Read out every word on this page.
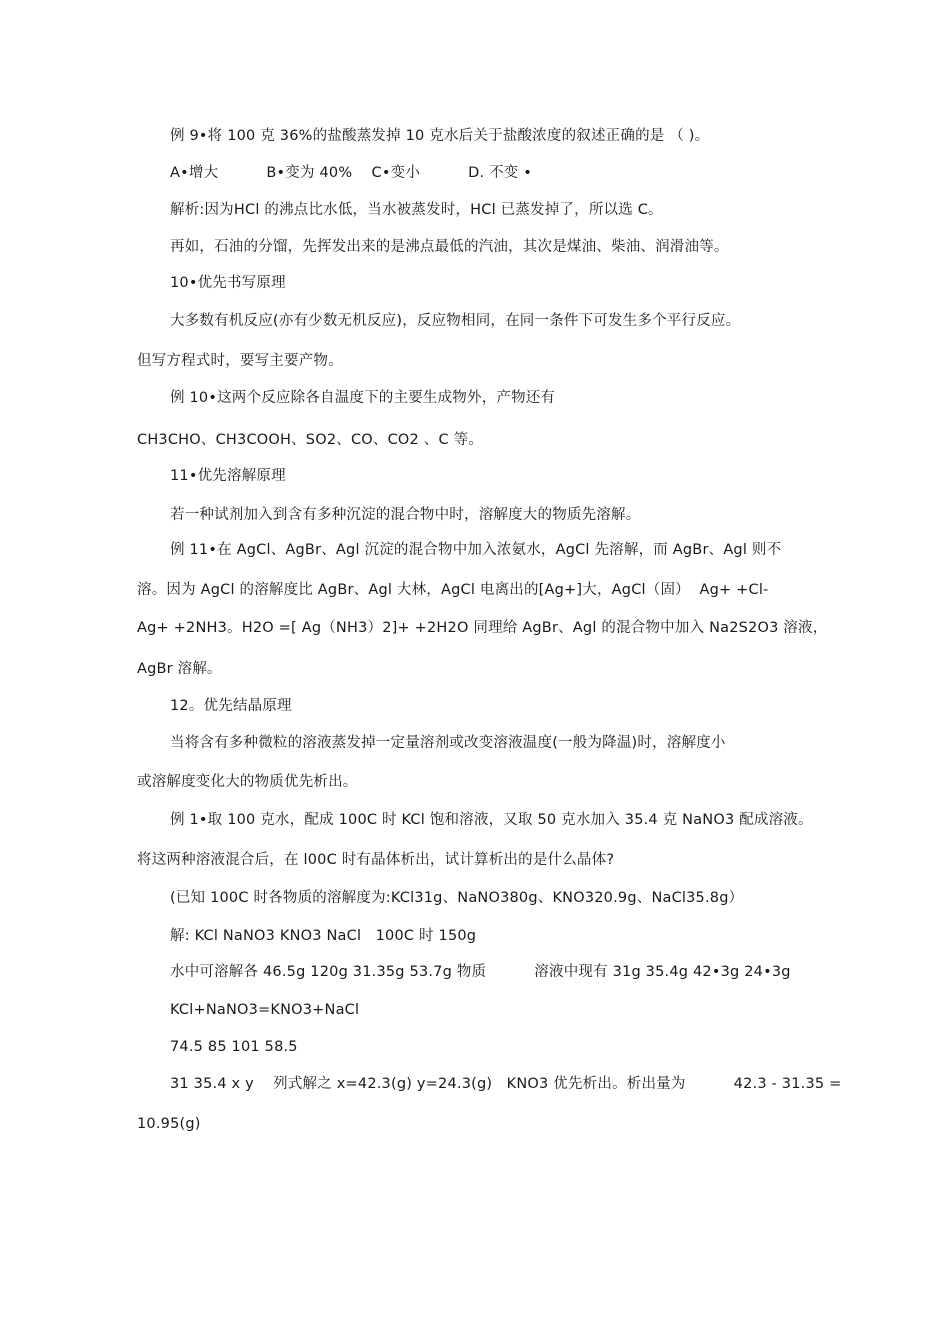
例 9•将 100 克 36%的盐酸蒸发掉 10 克水后关于盐酸浓度的叙述正确的是 （ )。
A•增大          B•变为 40%    C•变小          D. 不变 •
解析:因为HCl 的沸点比水低，当水被蒸发时，HCl 已蒸发掉了，所以选 C。
再如，石油的分馏，先挥发出来的是沸点最低的汽油，其次是煤油、柴油、润滑油等。
10•优先书写原理
大多数有机反应(亦有少数无机反应)，反应物相同，在同一条件下可发生多个平行反应。
但写方程式时，要写主要产物。
例 10•这两个反应除各自温度下的主要生成物外，产物还有
CH3CHO、CH3COOH、SO2、CO、CO2 、C 等。
11•优先溶解原理
若一种试剂加入到含有多种沉淀的混合物中时，溶解度大的物质先溶解。
例 11•在 AgCl、AgBr、Agl 沉淀的混合物中加入浓氨水，AgCl 先溶解，而 AgBr、Agl 则不
溶。因为 AgCl 的溶解度比 AgBr、Agl 大林，AgCl 电离出的[Ag+]大，AgCl（固）  Ag+ +Cl-
Ag+ +2NH3。H2O =[ Ag（NH3）2]+ +2H2O 同理给 AgBr、Agl 的混合物中加入 Na2S2O3 溶液，
AgBr 溶解。
12。优先结晶原理
当将含有多种微粒的溶液蒸发掉一定量溶剂或改变溶液温度(一般为降温)时，溶解度小
或溶解度变化大的物质优先析出。
例 1•取 100 克水，配成 100C 时 KCl 饱和溶液，又取 50 克水加入 35.4 克 NaNO3 配成溶液。
将这两种溶液混合后，在 l00C 时有晶体析出，试计算析出的是什么晶体?
(已知 100C 时各物质的溶解度为:KCl31g、NaNO380g、KNO320.9g、NaCl35.8g）
解: KCl NaNO3 KNO3 NaCl   100C 时 150g
水中可溶解各 46.5g 120g 31.35g 53.7g 物质          溶液中现有 31g 35.4g 42•3g 24•3g
KCl+NaNO3=KNO3+NaCl
74.5 85 101 58.5
31 35.4 x y    列式解之 x=42.3(g) y=24.3(g)   KNO3 优先析出。析出量为          42.3 - 31.35 =
10.95(g)
